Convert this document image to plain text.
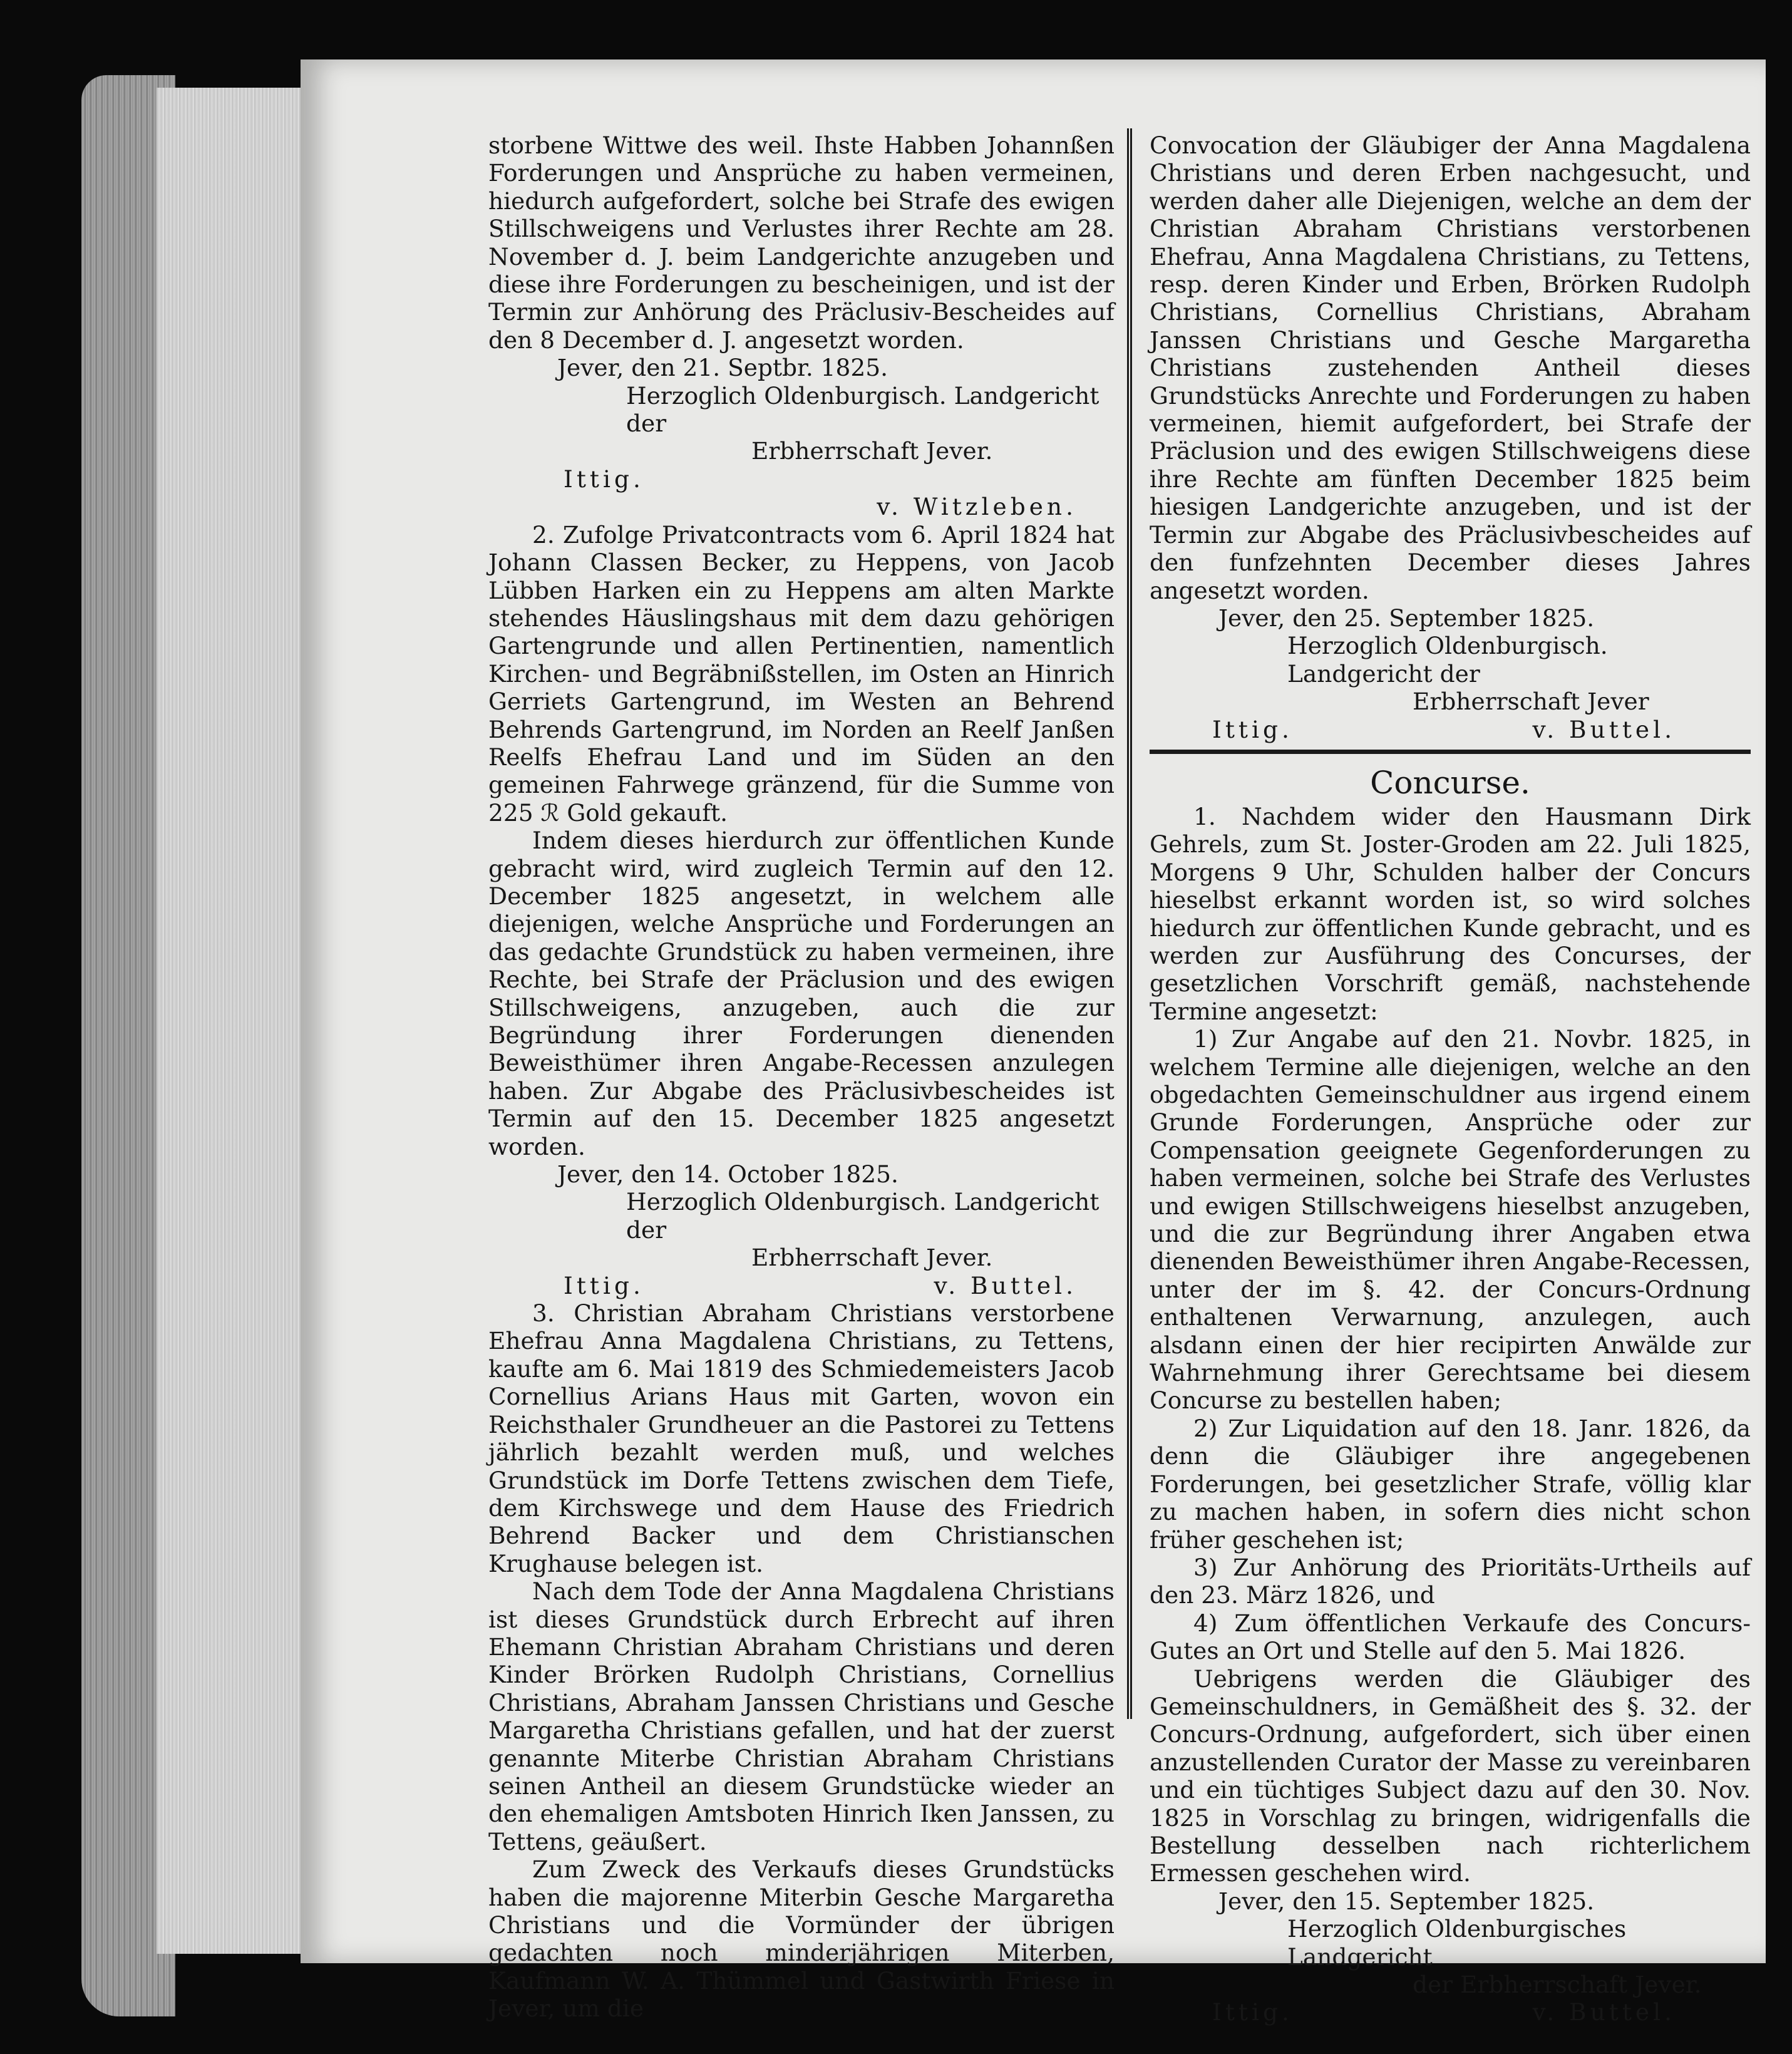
storbene Wittwe des weil. Ihste Habben Johannßen Forderungen und Ansprüche zu haben vermeinen, hiedurch aufgefordert, solche bei Strafe des ewigen Stillschweigens und Verlustes ihrer Rechte am 28. November d. J. beim Landgerichte anzugeben und diese ihre Forderungen zu bescheinigen, und ist der Termin zur Anhörung des Präclusiv-Bescheides auf den 8 December d. J. angesetzt worden.

Jever, den 21. Septbr. 1825.

Herzoglich Oldenburgisch. Landgericht der

Erbherrschaft Jever.

Ittig.

v. Witzleben.

2. Zufolge Privatcontracts vom 6. April 1824 hat Johann Classen Becker, zu Heppens, von Jacob Lübben Harken ein zu Heppens am alten Markte stehendes Häuslingshaus mit dem dazu gehörigen Gartengrunde und allen Pertinentien, namentlich Kirchen- und Begräbnißstellen, im Osten an Hinrich Gerriets Gartengrund, im Westen an Behrend Behrends Gartengrund, im Norden an Reelf Janßen Reelfs Ehefrau Land und im Süden an den gemeinen Fahrwege gränzend, für die Summe von 225 ℛ Gold gekauft.

Indem dieses hierdurch zur öffentlichen Kunde gebracht wird, wird zugleich Termin auf den 12. December 1825 angesetzt, in welchem alle diejenigen, welche Ansprüche und Forderungen an das gedachte Grundstück zu haben vermeinen, ihre Rechte, bei Strafe der Präclusion und des ewigen Stillschweigens, anzugeben, auch die zur Begründung ihrer Forderungen dienenden Beweisthümer ihren Angabe-Recessen anzulegen haben. Zur Abgabe des Präclusivbescheides ist Termin auf den 15. December 1825 angesetzt worden.

Jever, den 14. October 1825.

Herzoglich Oldenburgisch. Landgericht der

Erbherrschaft Jever.

Ittig.	v. Buttel.

3. Christian Abraham Christians verstorbene Ehefrau Anna Magdalena Christians, zu Tettens, kaufte am 6. Mai 1819 des Schmiedemeisters Jacob Cornellius Arians Haus mit Garten, wovon ein Reichsthaler Grundheuer an die Pastorei zu Tettens jährlich bezahlt werden muß, und welches Grundstück im Dorfe Tettens zwischen dem Tiefe, dem Kirchswege und dem Hause des Friedrich Behrend Backer und dem Christianschen Krughause belegen ist.

Nach dem Tode der Anna Magdalena Christians ist dieses Grundstück durch Erbrecht auf ihren Ehemann Christian Abraham Christians und deren Kinder Brörken Rudolph Christians, Cornellius Christians, Abraham Janssen Christians und Gesche Margaretha Christians gefallen, und hat der zuerst genannte Miterbe Christian Abraham Christians seinen Antheil an diesem Grundstücke wieder an den ehemaligen Amtsboten Hinrich Iken Janssen, zu Tettens, geäußert.

Zum Zweck des Verkaufs dieses Grundstücks haben die majorenne Miterbin Gesche Margaretha Christians und die Vormünder der übrigen gedachten noch minderjährigen Miterben, Kaufmann W. A. Thümmel und Gastwirth Friese in Jever, um die

Convocation der Gläubiger der Anna Magdalena Christians und deren Erben nachgesucht, und werden daher alle Diejenigen, welche an dem der Christian Abraham Christians verstorbenen Ehefrau, Anna Magdalena Christians, zu Tettens, resp. deren Kinder und Erben, Brörken Rudolph Christians, Cornellius Christians, Abraham Janssen Christians und Gesche Margaretha Christians zustehenden Antheil dieses Grundstücks Anrechte und Forderungen zu haben vermeinen, hiemit aufgefordert, bei Strafe der Präclusion und des ewigen Stillschweigens diese ihre Rechte am fünften December 1825 beim hiesigen Landgerichte anzugeben, und ist der Termin zur Abgabe des Präclusivbescheides auf den funfzehnten December dieses Jahres angesetzt worden.

Jever, den 25. September 1825.

Herzoglich Oldenburgisch. Landgericht der

Erbherrschaft Jever

Ittig.	v. Buttel.

Concurse.

1. Nachdem wider den Hausmann Dirk Gehrels, zum St. Joster-Groden am 22. Juli 1825, Morgens 9 Uhr, Schulden halber der Concurs hieselbst erkannt worden ist, so wird solches hiedurch zur öffentlichen Kunde gebracht, und es werden zur Ausführung des Concurses, der gesetzlichen Vorschrift gemäß, nachstehende Termine angesetzt:

1) Zur Angabe auf den 21. Novbr. 1825, in welchem Termine alle diejenigen, welche an den obgedachten Gemeinschuldner aus irgend einem Grunde Forderungen, Ansprüche oder zur Compensation geeignete Gegenforderungen zu haben vermeinen, solche bei Strafe des Verlustes und ewigen Stillschweigens hieselbst anzugeben, und die zur Begründung ihrer Angaben etwa dienenden Beweisthümer ihren Angabe-Recessen, unter der im §. 42. der Concurs-Ordnung enthaltenen Verwarnung, anzulegen, auch alsdann einen der hier recipirten Anwälde zur Wahrnehmung ihrer Gerechtsame bei diesem Concurse zu bestellen haben;

2) Zur Liquidation auf den 18. Janr. 1826, da denn die Gläubiger ihre angegebenen Forderungen, bei gesetzlicher Strafe, völlig klar zu machen haben, in sofern dies nicht schon früher geschehen ist;

3) Zur Anhörung des Prioritäts-Urtheils auf den 23. März 1826, und

4) Zum öffentlichen Verkaufe des Concurs-Gutes an Ort und Stelle auf den 5. Mai 1826.

Uebrigens werden die Gläubiger des Gemeinschuldners, in Gemäßheit des §. 32. der Concurs-Ordnung, aufgefordert, sich über einen anzustellenden Curator der Masse zu vereinbaren und ein tüchtiges Subject dazu auf den 30. Nov. 1825 in Vorschlag zu bringen, widrigenfalls die Bestellung desselben nach richterlichem Ermessen geschehen wird.

Jever, den 15. September 1825.

Herzoglich Oldenburgisches Landgericht

der Erbherrschaft Jever.

Ittig.	v. Buttel.
